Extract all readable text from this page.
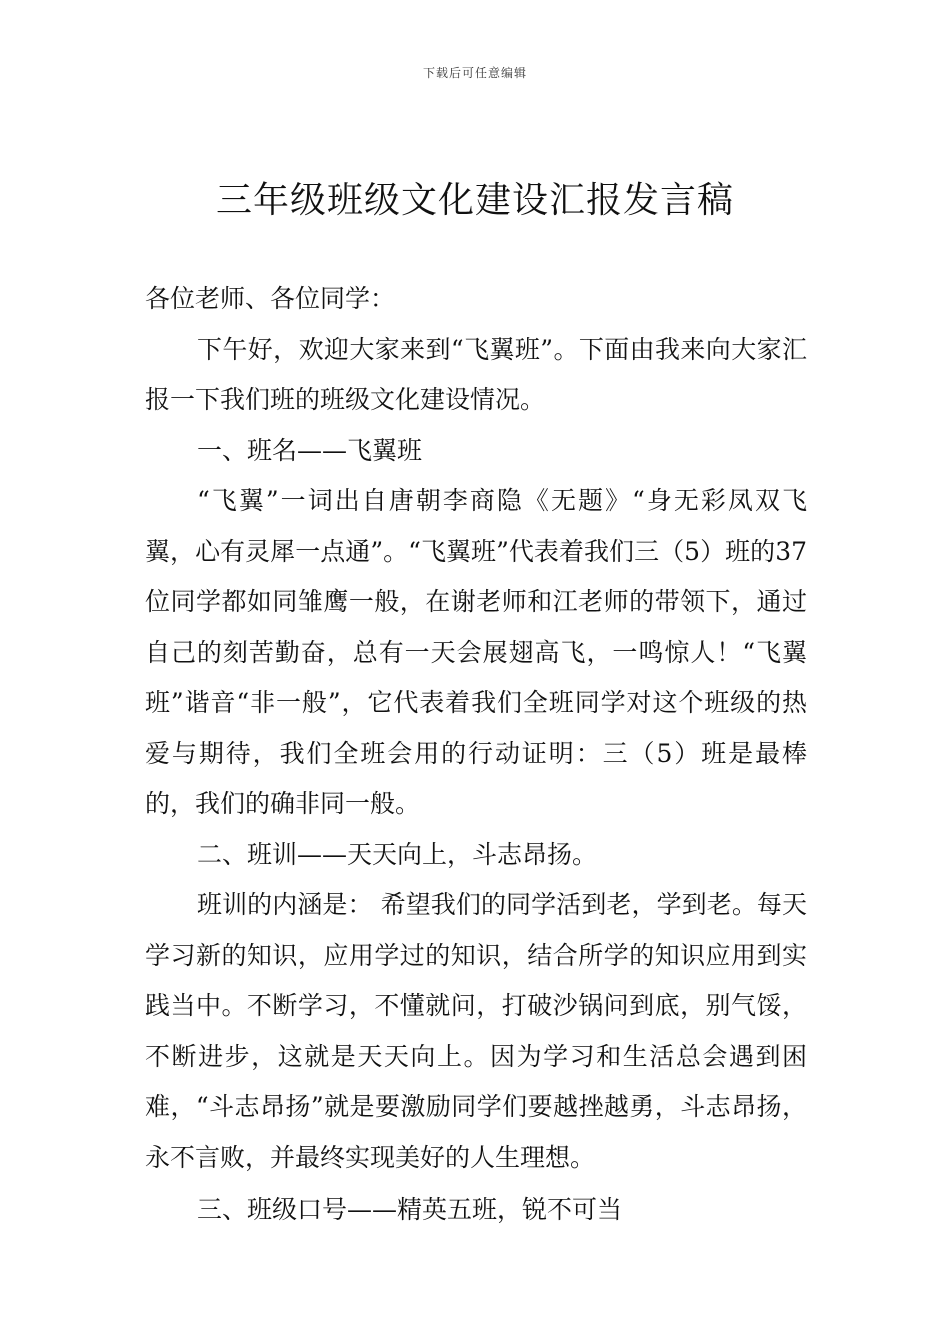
下载后可任意编辑
三年级班级文化建设汇报发言稿

各位老师、各位同学：

下午好，欢迎大家来到“飞翼班”。下面由我来向大家汇报一下我们班的班级文化建设情况。

一、班名——飞翼班

“飞翼”一词出自唐朝李商隐《无题》“身无彩凤双飞翼，心有灵犀一点通”。“飞翼班”代表着我们三（5）班的37位同学都如同雏鹰一般，在谢老师和江老师的带领下，通过自己的刻苦勤奋，总有一天会展翅高飞，一鸣惊人！“飞翼班”谐音“非一般”，它代表着我们全班同学对这个班级的热爱与期待，我们全班会用的行动证明：三（5）班是最棒的，我们的确非同一般。

二、班训——天天向上，斗志昂扬。

班训的内涵是： 希望我们的同学活到老，学到老。每天学习新的知识，应用学过的知识，结合所学的知识应用到实践当中。不断学习，不懂就问，打破沙锅问到底，别气馁，不断进步，这就是天天向上。因为学习和生活总会遇到困难，“斗志昂扬”就是要激励同学们要越挫越勇，斗志昂扬，永不言败，并最终实现美好的人生理想。

三、班级口号——精英五班，锐不可当
